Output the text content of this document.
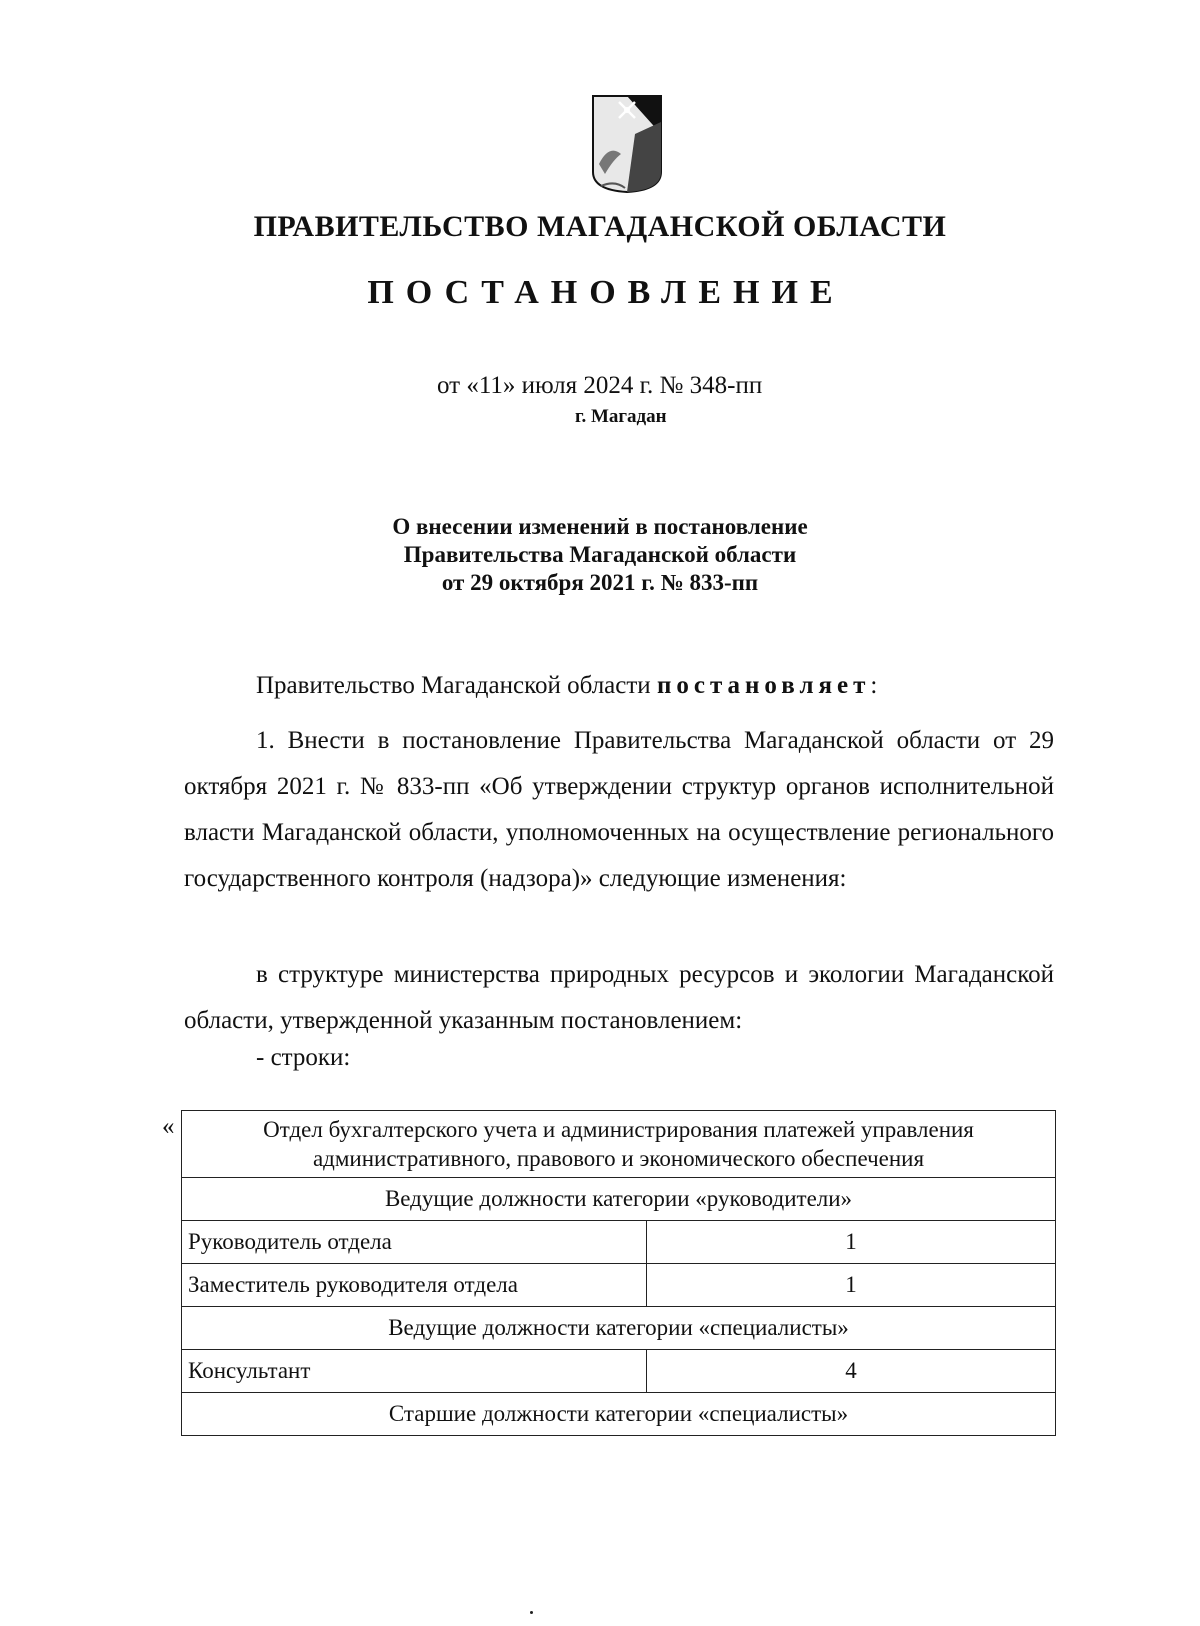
ПРАВИТЕЛЬСТВО МАГАДАНСКОЙ ОБЛАСТИ
ПОСТАНОВЛЕНИЕ
от «11» июля 2024 г. № 348-пп
г. Магадан
О внесении изменений в постановление
Правительства Магаданской области
от 29 октября 2021 г. № 833-пп
Правительство Магаданской области постановляет:
1. Внести в постановление Правительства Магаданской области от 29 октября 2021 г. № 833-пп «Об утверждении структур органов исполнительной власти Магаданской области, уполномоченных на осуществление регионального государственного контроля (надзора)» следующие изменения:
в структуре министерства природных ресурсов и экологии Магаданской области, утвержденной указанным постановлением:
- строки:
«	Отдел бухгалтерского учета и администрирования платежей управления административного, правового и экономического обеспечения	
Ведущие должности категории «руководители»	
Руководитель отдела	1
Заместитель руководителя отдела	1
Ведущие должности категории «специалисты»	
Консультант	4
Старшие должности категории «специалисты»	
